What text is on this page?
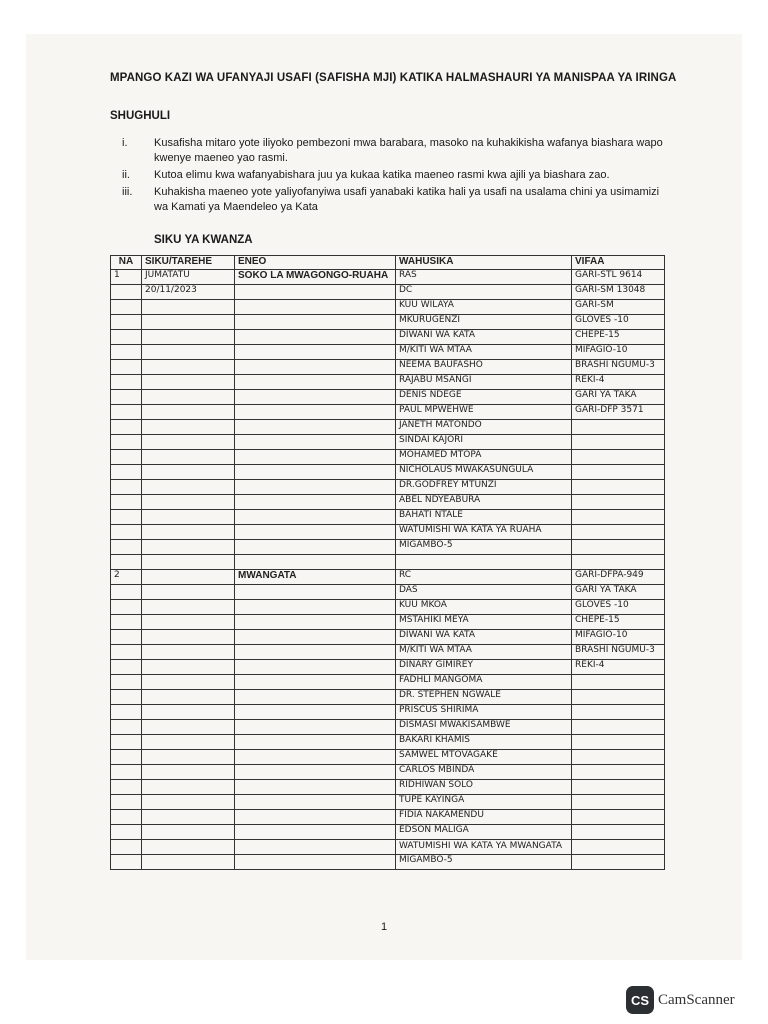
MPANGO KAZI WA UFANYAJI USAFI (SAFISHA MJI) KATIKA HALMASHAURI YA MANISPAA YA IRINGA
SHUGHULI
i.	Kusafisha mitaro yote iliyoko pembezoni mwa barabara, masoko na kuhakikisha wafanya biashara wapo kwenye maeneo yao rasmi.
ii.	Kutoa elimu kwa wafanyabishara juu ya kukaa katika maeneo rasmi kwa ajili ya biashara zao.
iii.	Kuhakisha maeneo yote yaliyofanyiwa usafi yanabaki katika hali ya usafi na usalama chini ya usimamizi wa Kamati ya Maendeleo ya Kata
SIKU YA KWANZA
NA	SIKU/TAREHE	ENEO	WAHUSIKA	VIFAA
1	JUMATATU	SOKO LA MWAGONGO-RUAHA	RAS	GARI-STL 9614
	20/11/2023		DC	GARI-SM 13048
			KUU WILAYA	GARI-SM
			MKURUGENZI	GLOVES -10
			DIWANI WA KATA	CHEPE-15
			M/KITI WA MTAA	MIFAGIO-10
			NEEMA BAUFASHO	BRASHI NGUMU-3
			RAJABU MSANGI	REKI-4
			DENIS NDEGE	GARI YA TAKA
			PAUL MPWEHWE	GARI-DFP 3571
			JANETH MATONDO	
			SINDAI KAJORI	
			MOHAMED MTOPA	
			NICHOLAUS MWAKASUNGULA	
			DR.GODFREY MTUNZI	
			ABEL NDYEABURA	
			BAHATI NTALE	
			WATUMISHI WA KATA YA RUAHA	
			MIGAMBO-5	

2		MWANGATA	RC	GARI-DFPA-949
			DAS	GARI YA TAKA
			KUU MKOA	GLOVES -10
			MSTAHIKI MEYA	CHEPE-15
			DIWANI WA KATA	MIFAGIO-10
			M/KITI WA MTAA	BRASHI NGUMU-3
			DINARY GIMIREY	REKI-4
			FADHLI MANGOMA	
			DR. STEPHEN NGWALE	
			PRISCUS SHIRIMA	
			DISMASI MWAKISAMBWE	
			BAKARI KHAMIS	
			SAMWEL MTOVAGAKE	
			CARLOS MBINDA	
			RIDHIWAN SOLO	
			TUPE KAYINGA	
			FIDIA NAKAMENDU	
			EDSON MALIGA	
			WATUMISHI WA KATA YA MWANGATA	
			MIGAMBO-5	
1
CS CamScanner
